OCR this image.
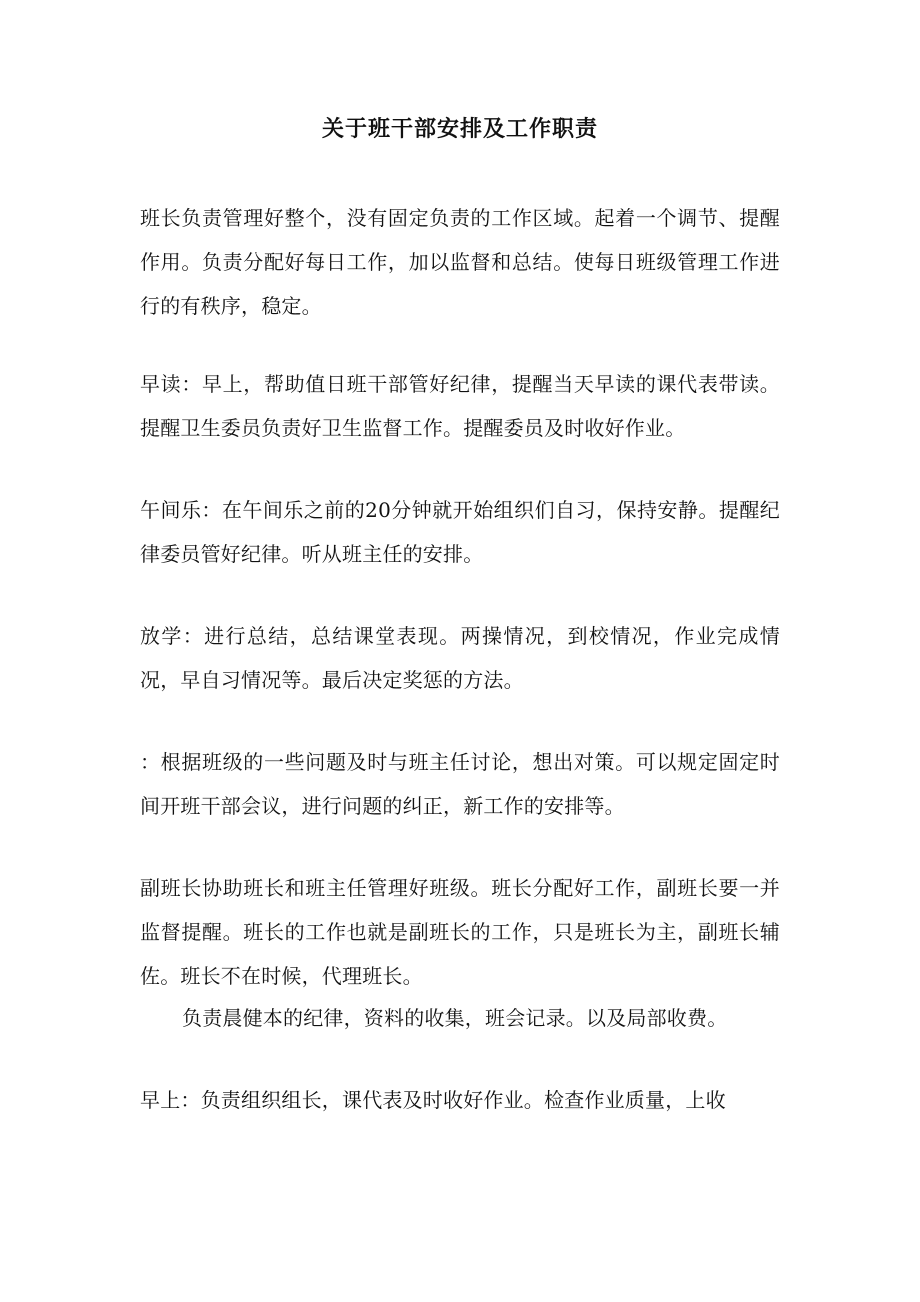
关于班干部安排及工作职责

班长负责管理好整个，没有固定负责的工作区域。起着一个调节、提醒作用。负责分配好每日工作，加以监督和总结。使每日班级管理工作进行的有秩序，稳定。

早读：早上，帮助值日班干部管好纪律，提醒当天早读的课代表带读。提醒卫生委员负责好卫生监督工作。提醒委员及时收好作业。

午间乐：在午间乐之前的20分钟就开始组织们自习，保持安静。提醒纪律委员管好纪律。听从班主任的安排。

放学：进行总结，总结课堂表现。两操情况，到校情况，作业完成情况，早自习情况等。最后决定奖惩的方法。

：根据班级的一些问题及时与班主任讨论，想出对策。可以规定固定时间开班干部会议，进行问题的纠正，新工作的安排等。

副班长协助班长和班主任管理好班级。班长分配好工作，副班长要一并监督提醒。班长的工作也就是副班长的工作，只是班长为主，副班长辅佐。班长不在时候，代理班长。

负责晨健本的纪律，资料的收集，班会记录。以及局部收费。

早上：负责组织组长，课代表及时收好作业。检查作业质量，上收
